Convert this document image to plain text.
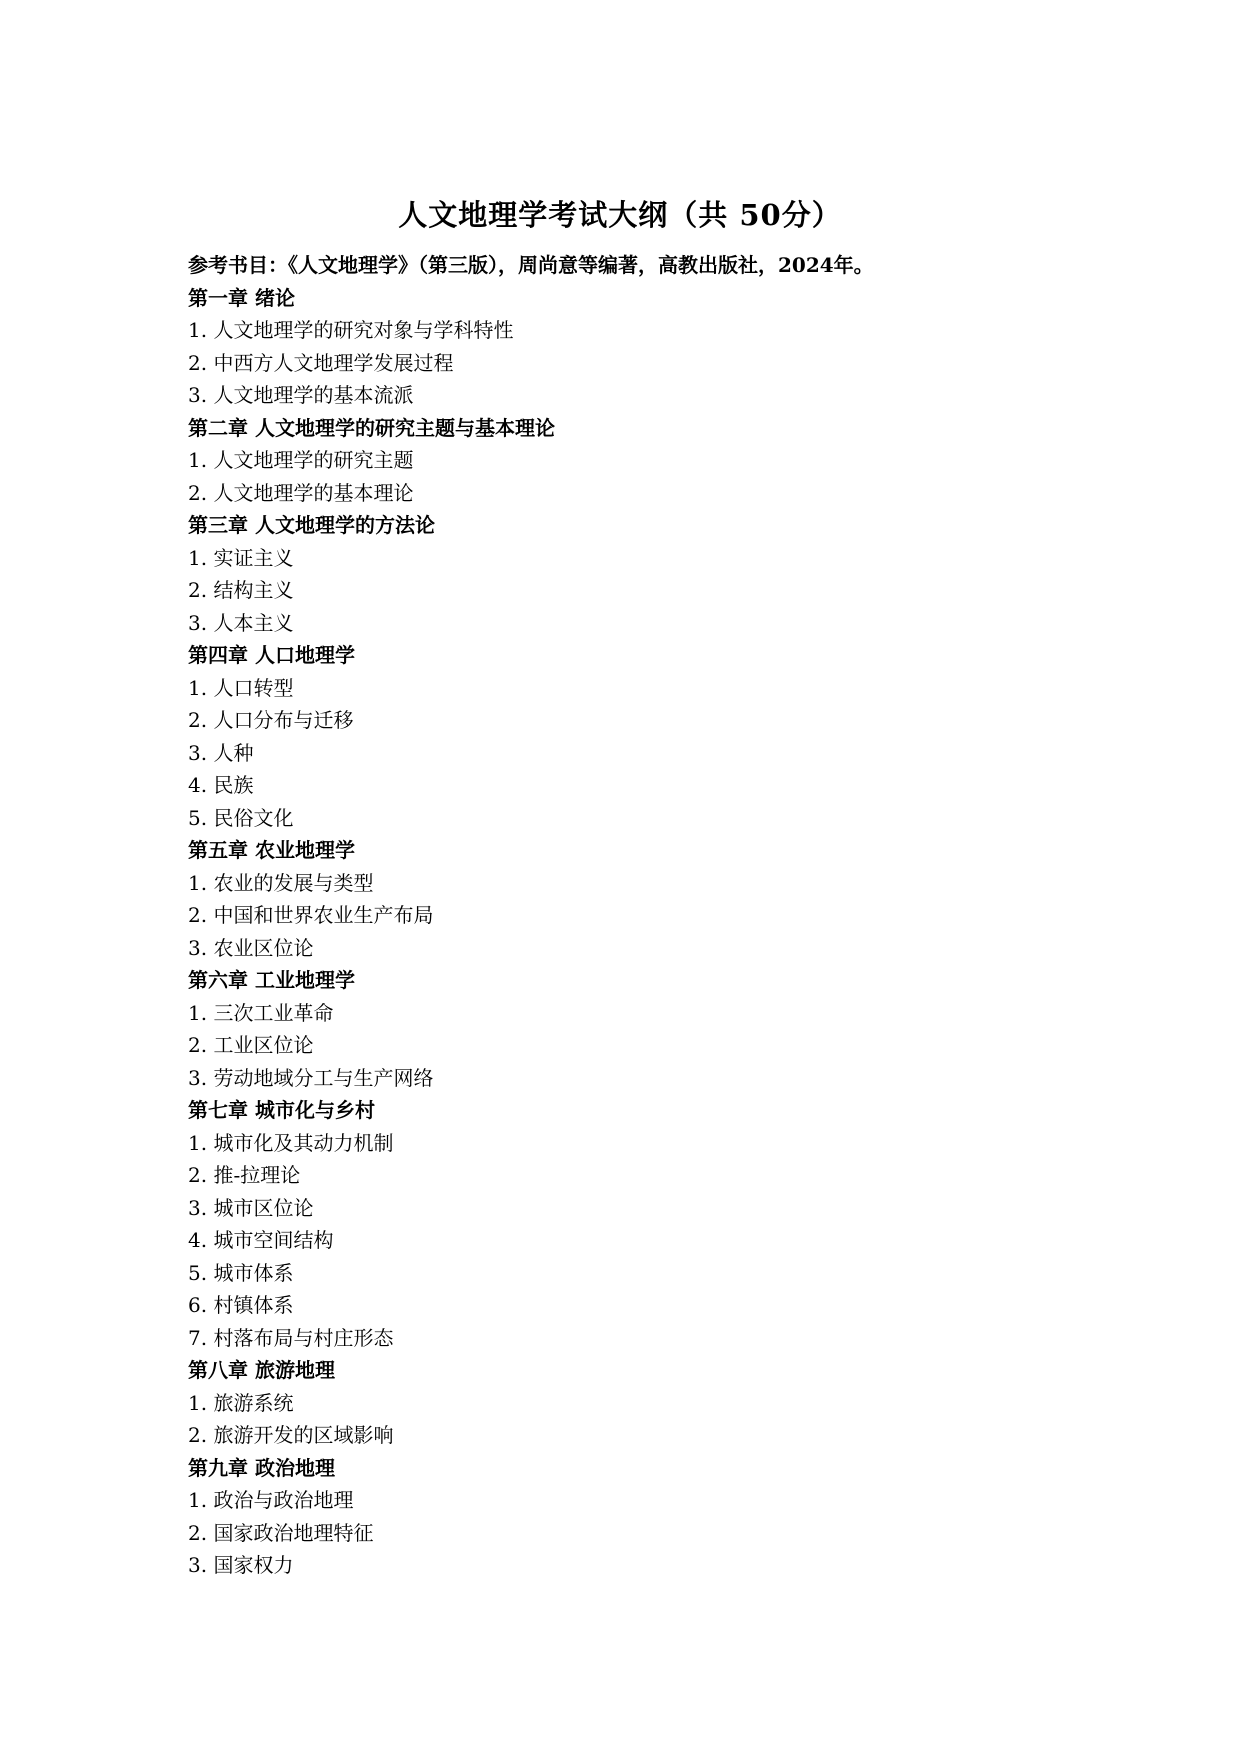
人文地理学考试大纲（共 50分）
参考书目：《人文地理学》（第三版），周尚意等编著，高教出版社，2024年。
第一章 绪论
1. 人文地理学的研究对象与学科特性
2. 中西方人文地理学发展过程
3. 人文地理学的基本流派
第二章 人文地理学的研究主题与基本理论
1. 人文地理学的研究主题
2. 人文地理学的基本理论
第三章 人文地理学的方法论
1. 实证主义
2. 结构主义
3. 人本主义
第四章 人口地理学
1. 人口转型
2. 人口分布与迁移
3. 人种
4. 民族
5. 民俗文化
第五章 农业地理学
1. 农业的发展与类型
2. 中国和世界农业生产布局
3. 农业区位论
第六章 工业地理学
1. 三次工业革命
2. 工业区位论
3. 劳动地域分工与生产网络
第七章 城市化与乡村
1. 城市化及其动力机制
2. 推-拉理论
3. 城市区位论
4. 城市空间结构
5. 城市体系
6. 村镇体系
7. 村落布局与村庄形态
第八章 旅游地理
1. 旅游系统
2. 旅游开发的区域影响
第九章 政治地理
1. 政治与政治地理
2. 国家政治地理特征
3. 国家权力
